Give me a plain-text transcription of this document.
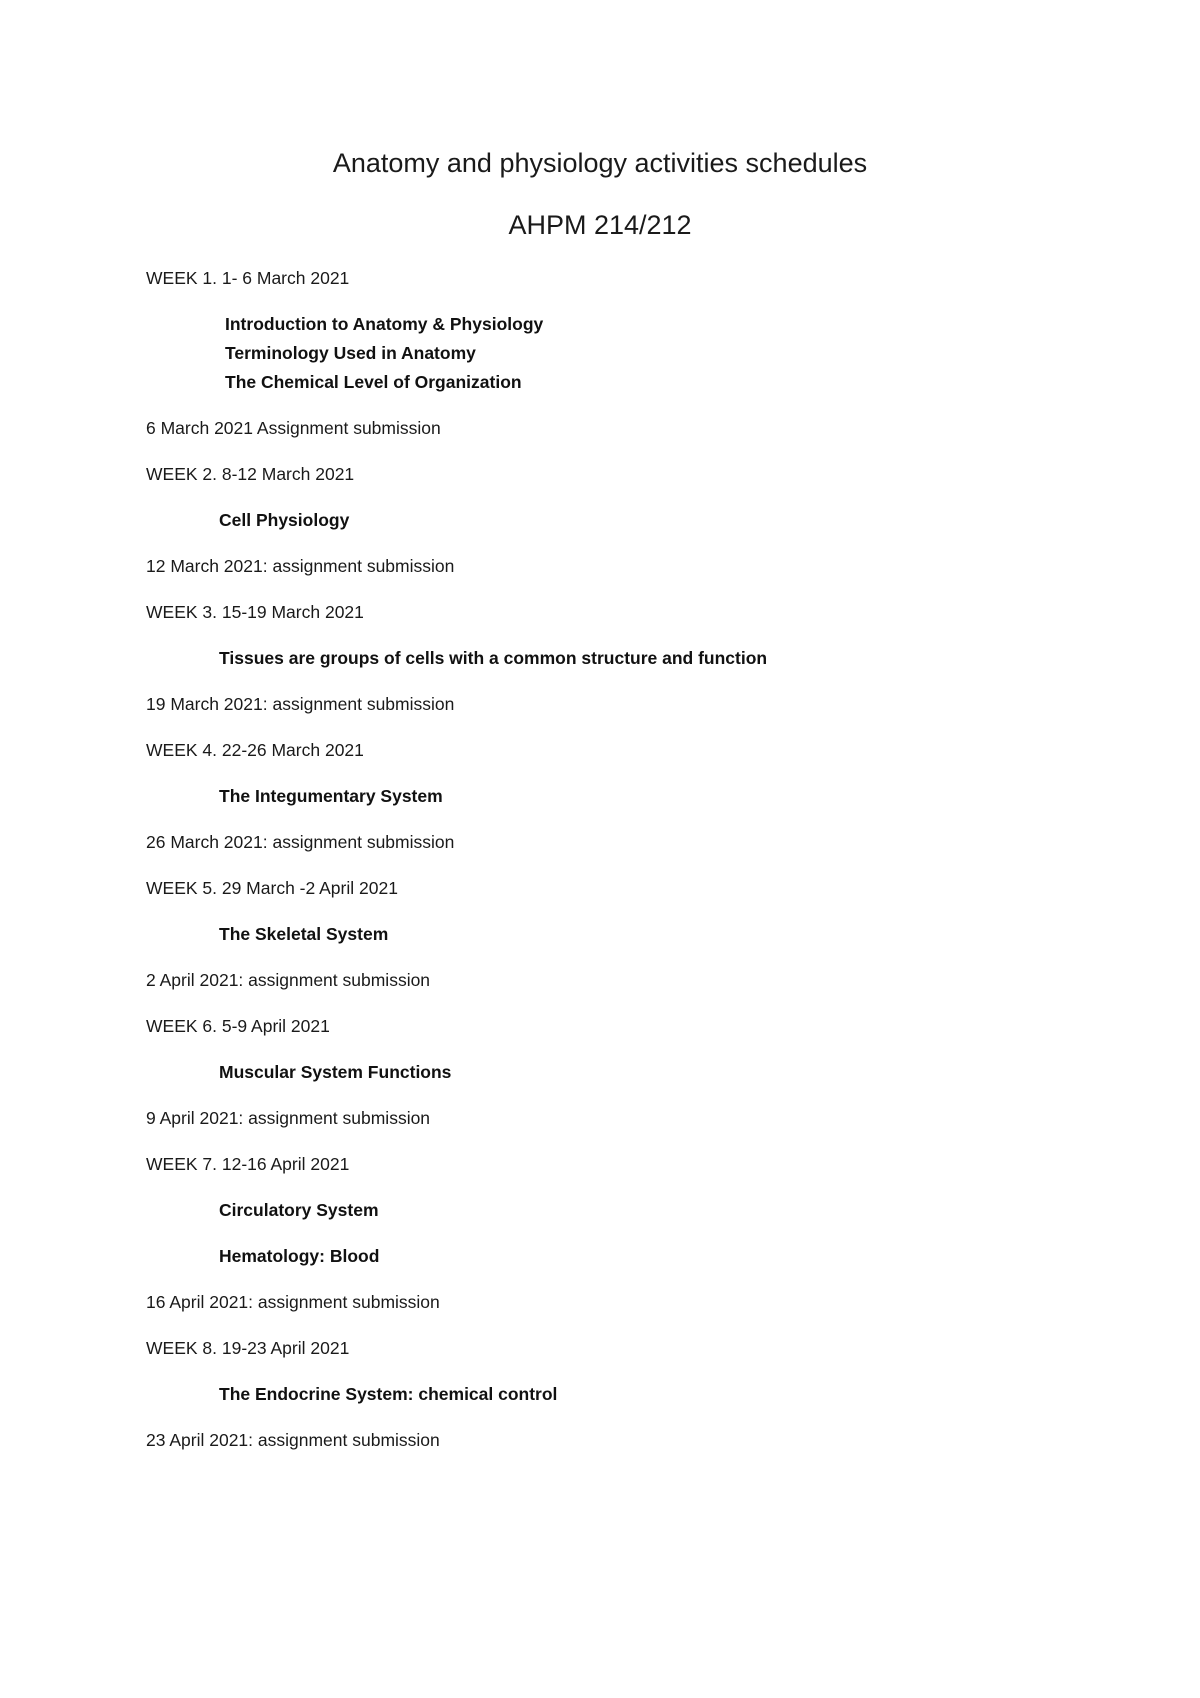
Anatomy and physiology activities schedules
AHPM 214/212
WEEK 1. 1- 6 March 2021
Introduction to Anatomy & Physiology
Terminology Used in Anatomy
The Chemical Level of Organization
6 March 2021 Assignment submission
WEEK 2. 8-12 March 2021
Cell Physiology
12 March 2021: assignment submission
WEEK 3. 15-19 March 2021
Tissues are groups of cells with a common structure and function
19 March 2021: assignment submission
WEEK 4. 22-26 March 2021
The Integumentary System
26 March 2021: assignment submission
WEEK 5. 29 March -2 April 2021
The Skeletal System
2 April 2021: assignment submission
WEEK 6. 5-9 April 2021
Muscular System Functions
9 April 2021: assignment submission
WEEK 7. 12-16 April 2021
Circulatory System
Hematology: Blood
16 April 2021: assignment submission
WEEK 8. 19-23 April 2021
The Endocrine System: chemical control
23 April 2021: assignment submission
